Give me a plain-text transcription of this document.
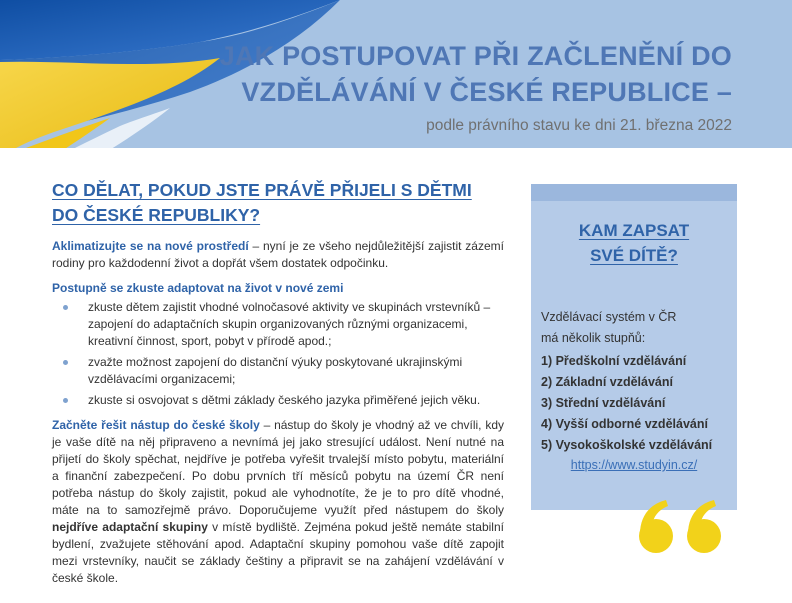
JAK POSTUPOVAT PŘI ZAČLENĚNÍ DO
VZDĚLÁVÁNÍ V ČESKÉ REPUBLICE –
podle právního stavu ke dni 21. března 2022
CO DĚLAT, POKUD JSTE PRÁVĚ PŘIJELI S DĚTMI
DO ČESKÉ REPUBLIKY?

Aklimatizujte se na nové prostředí – nyní je ze všeho nejdůležitější zajistit zázemí rodiny pro každodenní život a dopřát všem dostatek odpočinku.

Postupně se zkuste adaptovat na život v nové zemi

zkuste dětem zajistit vhodné volnočasové aktivity ve skupinách vrstevníků – zapojení do adaptačních skupin organizovaných různými organizacemi, kreativní činnost, sport, pobyt v přírodě apod.;
zvažte možnost zapojení do distanční výuky poskytované ukrajinskými vzdělávacími organizacemi;
zkuste si osvojovat s dětmi základy českého jazyka přiměřené jejich věku.

Začněte řešit nástup do české školy – nástup do školy je vhodný až ve chvíli, kdy je vaše dítě na něj připraveno a nevnímá jej jako stresující událost. Není nutné na přijetí do školy spěchat, nejdříve je potřeba vyřešit trvalejší místo pobytu, materiální a finanční zabezpečení. Po dobu prvních tří měsíců pobytu na území ČR není potřeba nástup do školy zajistit, pokud ale vyhodnotíte, že je to pro dítě vhodné, máte na to samozřejmě právo. Doporučujeme využít před nástupem do školy nejdříve adaptační skupiny v místě bydliště. Zejména pokud ještě nemáte stabilní bydlení, zvažujete stěhování apod. Adaptační skupiny pomohou vaše dítě zapojit mezi vrstevníky, naučit se základy češtiny a připravit se na zahájení vzdělávání v české škole.

KAM ZAPSAT
SVÉ DÍTĚ?
Vzdělávací systém v ČR
má několik stupňů:
1) Předškolní vzdělávání
2) Základní vzdělávání
3) Střední vzdělávání
4) Vyšší odborné vzdělávání
5) Vysokoškolské vzdělávání
https://www.studyin.cz/
